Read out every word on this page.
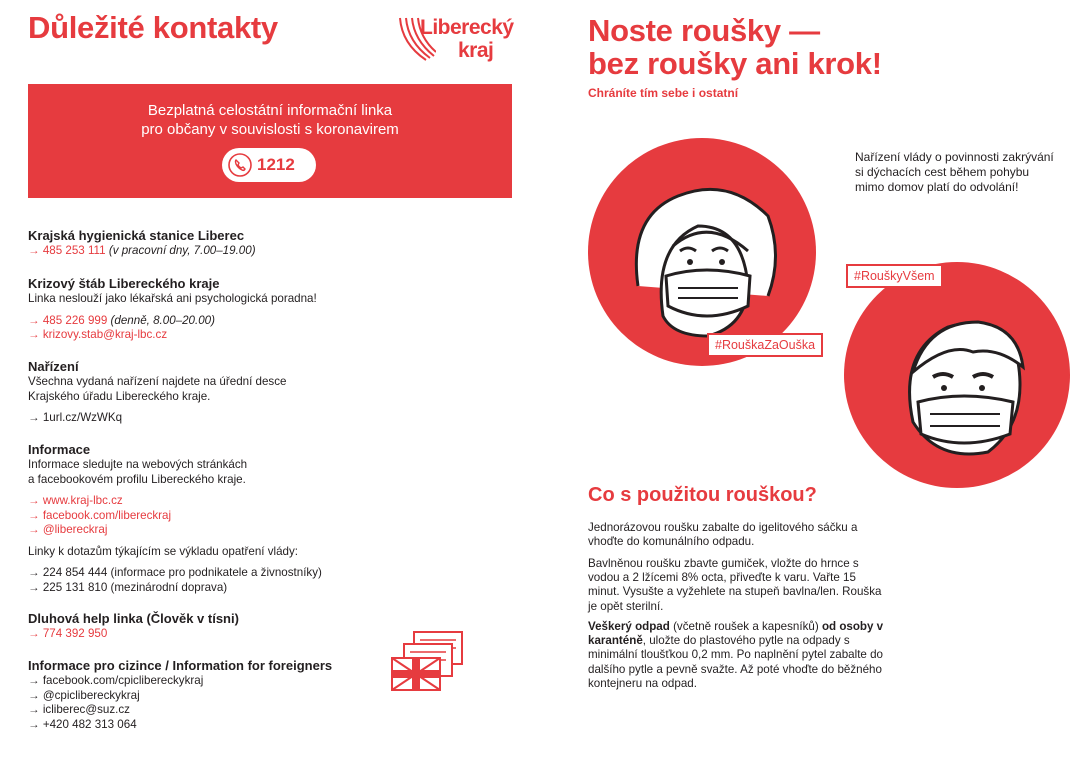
Důležité kontakty	Liberecký
kraj
Bezplatná celostátní informační linka
pro občany v souvislosti s koronavirem
1212
Krajská hygienická stanice Liberec
→ 485 253 111 (v pracovní dny, 7.00–19.00)
Krizový štáb Libereckého kraje
Linka neslouží jako lékařská ani psychologická poradna!
→ 485 226 999 (denně, 8.00–20.00)
→ krizovy.stab@kraj-lbc.cz
Nařízení
Všechna vydaná nařízení najdete na úřední desce
Krajského úřadu Libereckého kraje.
→ 1url.cz/WzWKq
Informace
Informace sledujte na webových stránkách
a facebookovém profilu Libereckého kraje.
→ www.kraj-lbc.cz
→ facebook.com/libereckraj
→ @libereckraj
Linky k dotazům týkajícím se výkladu opatření vlády:
→ 224 854 444 (informace pro podnikatele a živnostníky)
→ 225 131 810 (mezinárodní doprava)
Dluhová help linka (Člověk v tísni)
→ 774 392 950
Informace pro cizince / Information for foreigners
→ facebook.com/cpiclibereckykraj
→ @cpiclibereckykraj
→ icliberec@suz.cz
→ +420 482 313 064
Noste roušky —
bez roušky ani krok!
Chráníte tím sebe i ostatní
Nařízení vlády o povinnosti zakrývání si dýchacích cest během pohybu mimo domov platí do odvolání!
#RouškaZaOuška
#RouškyVšem
Co s použitou rouškou?
Jednorázovou roušku zabalte do igelitového sáčku a vhoďte do komunálního odpadu.
Bavlněnou roušku zbavte gumiček, vložte do hrnce s vodou a 2 lžícemi 8% octa, přiveďte k varu. Vařte 15 minut. Vysušte a vyžehlete na stupeň bavlna/len. Rouška je opět sterilní.
Veškerý odpad (včetně roušek a kapesníků) od osoby v karanténě, uložte do plastového pytle na odpady s minimální tloušťkou 0,2 mm. Po naplnění pytel zabalte do dalšího pytle a pevně svažte. Až poté vhoďte do běžného kontejneru na odpad.
